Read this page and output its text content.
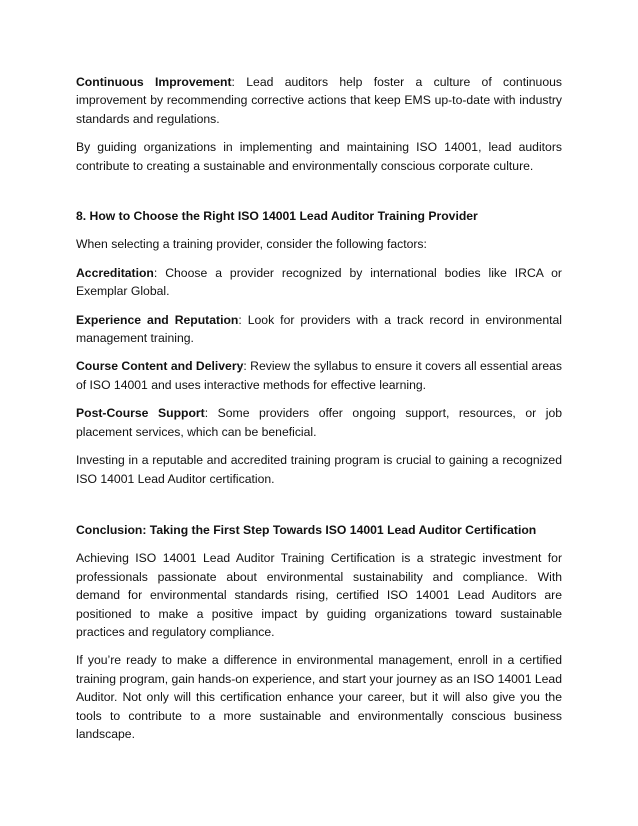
Continuous Improvement: Lead auditors help foster a culture of continuous improvement by recommending corrective actions that keep EMS up-to-date with industry standards and regulations.

By guiding organizations in implementing and maintaining ISO 14001, lead auditors contribute to creating a sustainable and environmentally conscious corporate culture.

8. How to Choose the Right ISO 14001 Lead Auditor Training Provider

When selecting a training provider, consider the following factors:

Accreditation: Choose a provider recognized by international bodies like IRCA or Exemplar Global.

Experience and Reputation: Look for providers with a track record in environmental management training.

Course Content and Delivery: Review the syllabus to ensure it covers all essential areas of ISO 14001 and uses interactive methods for effective learning.

Post-Course Support: Some providers offer ongoing support, resources, or job placement services, which can be beneficial.

Investing in a reputable and accredited training program is crucial to gaining a recognized ISO 14001 Lead Auditor certification.

Conclusion: Taking the First Step Towards ISO 14001 Lead Auditor Certification

Achieving ISO 14001 Lead Auditor Training Certification is a strategic investment for professionals passionate about environmental sustainability and compliance. With demand for environmental standards rising, certified ISO 14001 Lead Auditors are positioned to make a positive impact by guiding organizations toward sustainable practices and regulatory compliance.

If you’re ready to make a difference in environmental management, enroll in a certified training program, gain hands-on experience, and start your journey as an ISO 14001 Lead Auditor. Not only will this certification enhance your career, but it will also give you the tools to contribute to a more sustainable and environmentally conscious business landscape.
